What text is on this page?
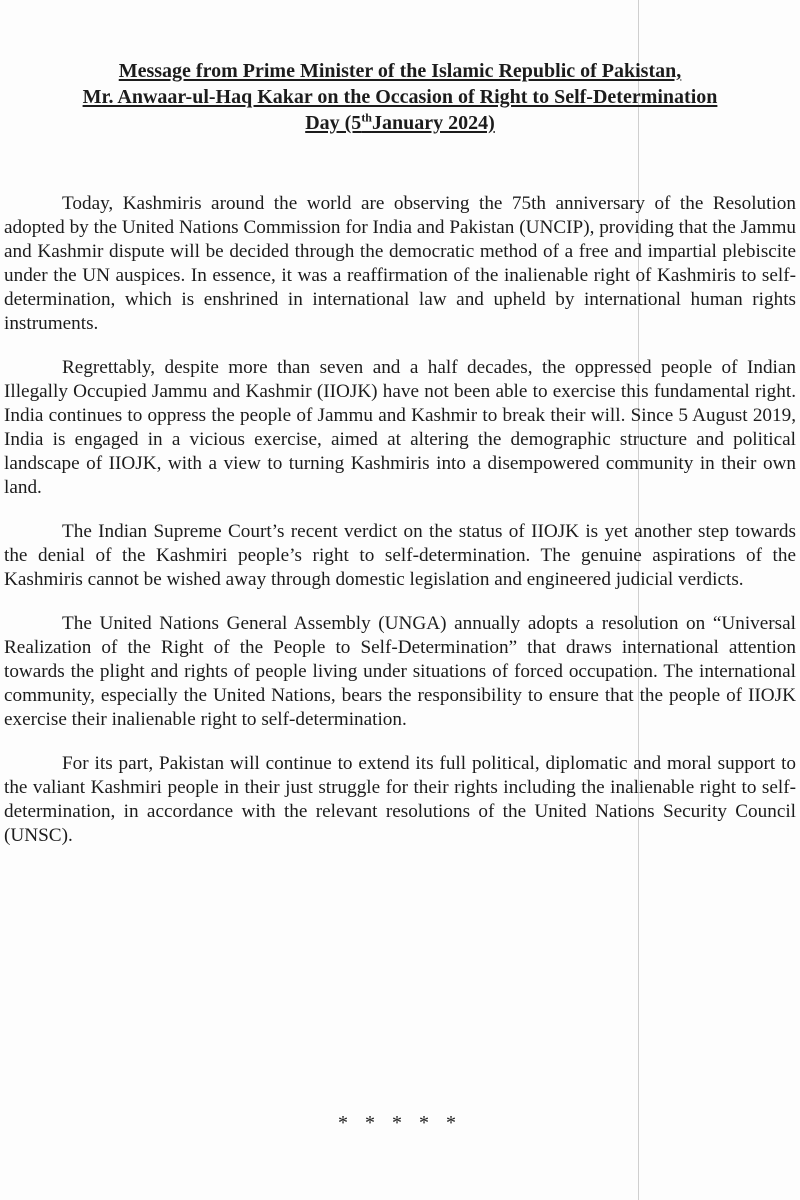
Message from Prime Minister of the Islamic Republic of Pakistan,
Mr. Anwaar-ul-Haq Kakar on the Occasion of Right to Self-Determination
Day (5thJanuary 2024)

Today, Kashmiris around the world are observing the 75th anniversary of the Resolution adopted by the United Nations Commission for India and Pakistan (UNCIP), providing that the Jammu and Kashmir dispute will be decided through the democratic method of a free and impartial plebiscite under the UN auspices. In essence, it was a reaffirmation of the inalienable right of Kashmiris to self-determination, which is enshrined in international law and upheld by international human rights instruments.

Regrettably, despite more than seven and a half decades, the oppressed people of Indian Illegally Occupied Jammu and Kashmir (IIOJK) have not been able to exercise this fundamental right. India continues to oppress the people of Jammu and Kashmir to break their will. Since 5 August 2019, India is engaged in a vicious exercise, aimed at altering the demographic structure and political landscape of IIOJK, with a view to turning Kashmiris into a disempowered community in their own land.

The Indian Supreme Court’s recent verdict on the status of IIOJK is yet another step towards the denial of the Kashmiri people’s right to self-determination. The genuine aspirations of the Kashmiris cannot be wished away through domestic legislation and engineered judicial verdicts.

The United Nations General Assembly (UNGA) annually adopts a resolution on “Universal Realization of the Right of the People to Self-Determination” that draws international attention towards the plight and rights of people living under situations of forced occupation. The international community, especially the United Nations, bears the responsibility to ensure that the people of IIOJK exercise their inalienable right to self-determination.

For its part, Pakistan will continue to extend its full political, diplomatic and moral support to the valiant Kashmiri people in their just struggle for their rights including the inalienable right to self-determination, in accordance with the relevant resolutions of the United Nations Security Council (UNSC).

* * * * *
